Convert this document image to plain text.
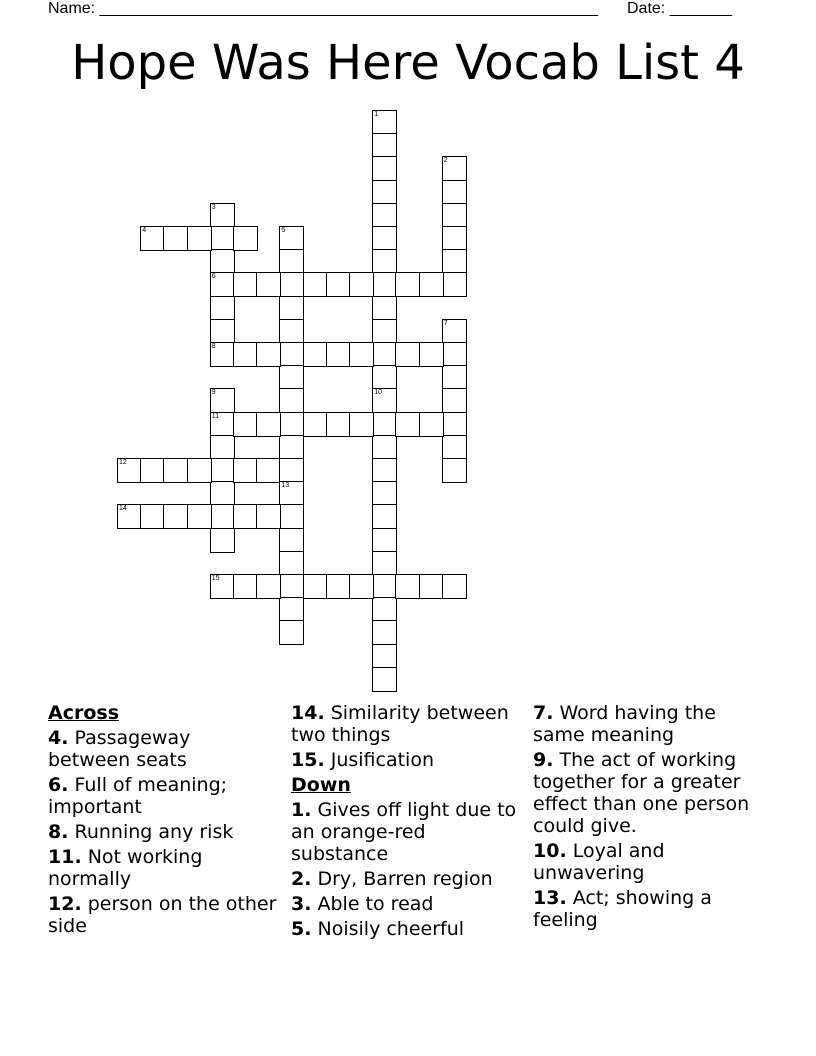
Name: ________________________________________________________ Date: _______
Hope Was Here Vocab List 4
1
10
2
3
6
4	5
7
8
9
11
12
13
14
15
Across
4. Passageway between seats
6. Full of meaning; important
8. Running any risk
11. Not working normally
12. person on the other side
14. Similarity between two things
15. Jusification
Down
1. Gives off light due to an orange-red substance
2. Dry, Barren region
3. Able to read
5. Noisily cheerful
7. Word having the same meaning
9. The act of working together for a greater effect than one person could give.
10. Loyal and unwavering
13. Act; showing a feeling
